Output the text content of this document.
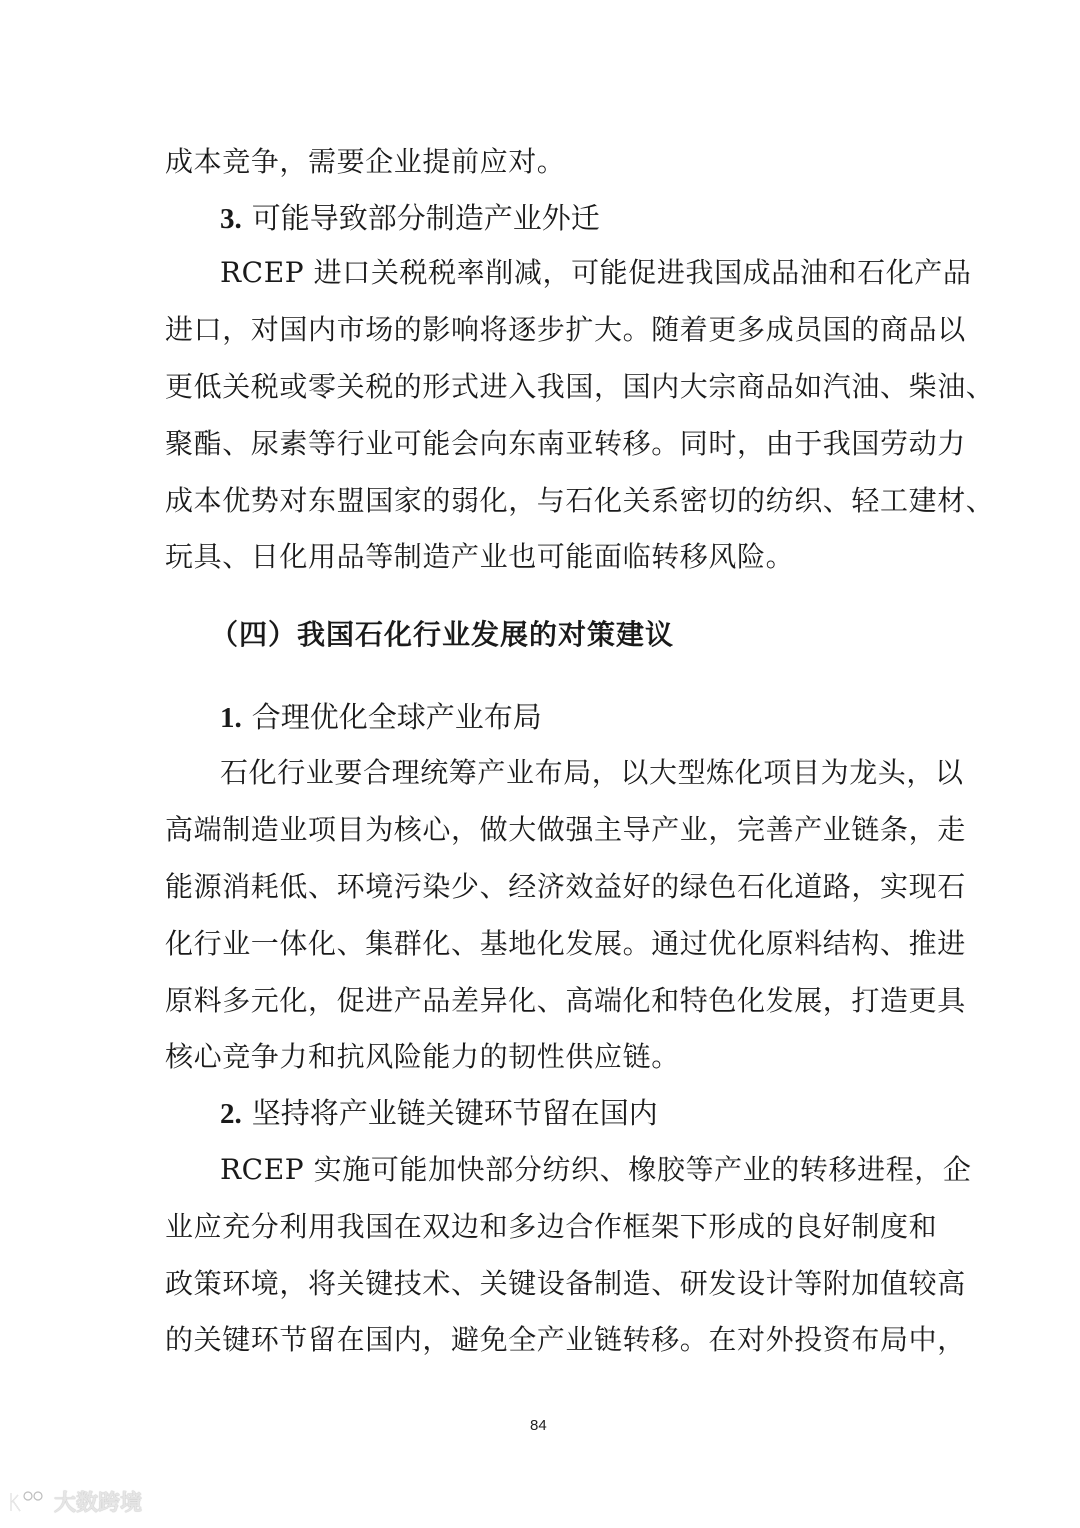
成本竞争，需要企业提前应对。
3. 可能导致部分制造产业外迁
RCEP 进口关税税率削减，可能促进我国成品油和石化产品
进口，对国内市场的影响将逐步扩大。随着更多成员国的商品以
更低关税或零关税的形式进入我国，国内大宗商品如汽油、柴油、
聚酯、尿素等行业可能会向东南亚转移。同时，由于我国劳动力
成本优势对东盟国家的弱化，与石化关系密切的纺织、轻工建材、
玩具、日化用品等制造产业也可能面临转移风险。
（四）我国石化行业发展的对策建议
1. 合理优化全球产业布局
石化行业要合理统筹产业布局，以大型炼化项目为龙头，以
高端制造业项目为核心，做大做强主导产业，完善产业链条，走
能源消耗低、环境污染少、经济效益好的绿色石化道路，实现石
化行业一体化、集群化、基地化发展。通过优化原料结构、推进
原料多元化，促进产品差异化、高端化和特色化发展，打造更具
核心竞争力和抗风险能力的韧性供应链。
2. 坚持将产业链关键环节留在国内
RCEP 实施可能加快部分纺织、橡胶等产业的转移进程，企
业应充分利用我国在双边和多边合作框架下形成的良好制度和
政策环境，将关键技术、关键设备制造、研发设计等附加值较高
的关键环节留在国内，避免全产业链转移。在对外投资布局中，
84
大数跨境
